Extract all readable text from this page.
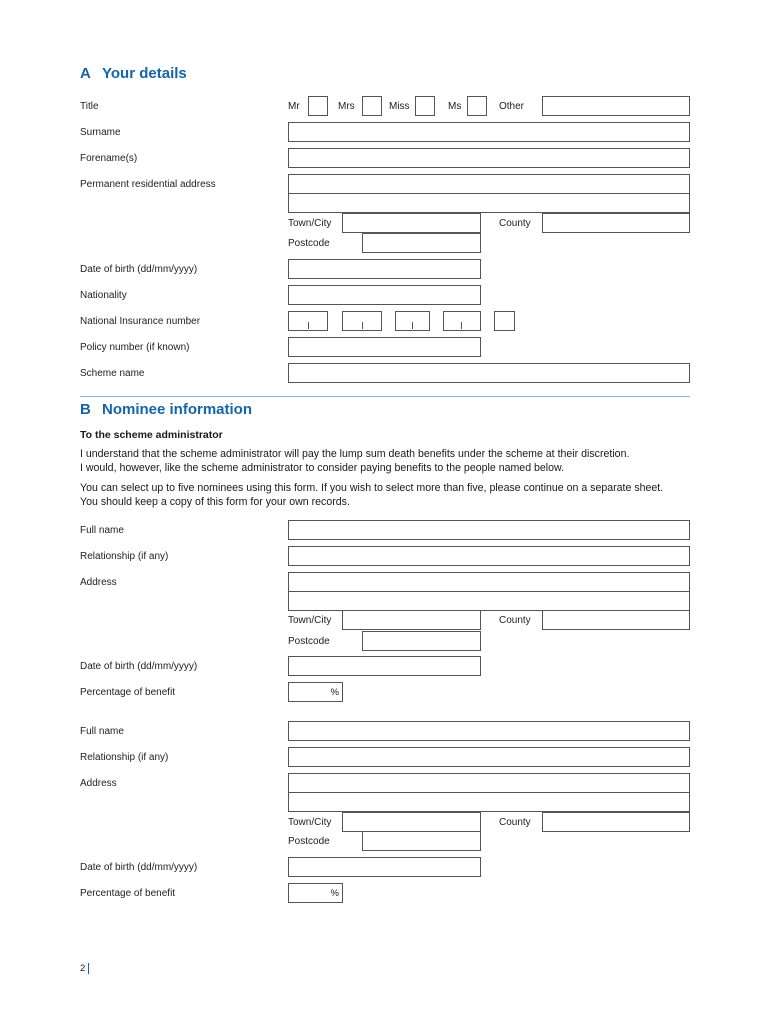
A Your details
Title	Mr	Mrs	Miss	Ms	Other
Surname
Forename(s)
Permanent residential address
Town/City	County
Postcode
Date of birth (dd/mm/yyyy)
Nationality
National Insurance number
Policy number (if known)
Scheme name
B Nominee information
To the scheme administrator
I understand that the scheme administrator will pay the lump sum death benefits under the scheme at their discretion.
I would, however, like the scheme administrator to consider paying benefits to the people named below.
You can select up to five nominees using this form. If you wish to select more than five, please continue on a separate sheet.
You should keep a copy of this form for your own records.
Full name
Relationship (if any)
Address
Town/City	County
Postcode
Date of birth (dd/mm/yyyy)
Percentage of benefit	%
Full name
Relationship (if any)
Address
Town/City	County
Postcode
Date of birth (dd/mm/yyyy)
Percentage of benefit	%
2
